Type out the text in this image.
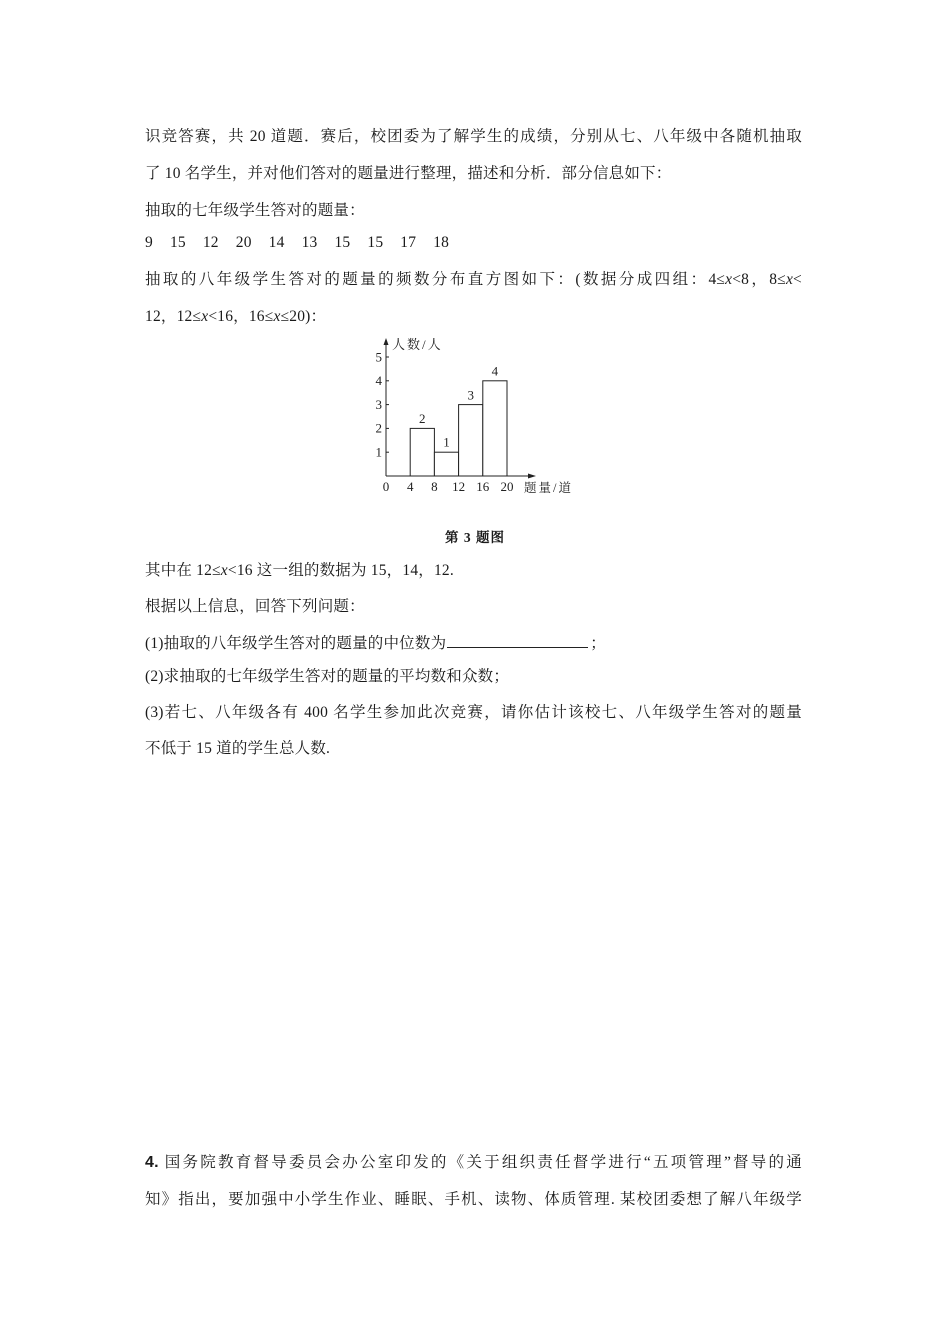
识竞答赛，共 20 道题．赛后，校团委为了解学生的成绩，分别从七、八年级中各随机抽取
了 10 名学生，并对他们答对的题量进行整理，描述和分析．部分信息如下：
抽取的七年级学生答对的题量：
9 15 12 20 14 13 15 15 17 18
抽取的八年级学生答对的题量的频数分布直方图如下：(数据分成四组：4≤x<8，8≤x<
12，12≤x<16，16≤x≤20)：
1
2
3
4
5
人数/人
2
1
3
4
0 4 8 12 16 20 题量/道
第 3 题图
其中在 12≤x<16 这一组的数据为 15，14，12.
根据以上信息，回答下列问题：
(1)抽取的八年级学生答对的题量的中位数为	；
(2)求抽取的七年级学生答对的题量的平均数和众数；
(3)若七、八年级各有 400 名学生参加此次竞赛，请你估计该校七、八年级学生答对的题量
不低于 15 道的学生总人数.
4. 国务院教育督导委员会办公室印发的《关于组织责任督学进行“五项管理”督导的通
知》指出，要加强中小学生作业、睡眠、手机、读物、体质管理. 某校团委想了解八年级学
